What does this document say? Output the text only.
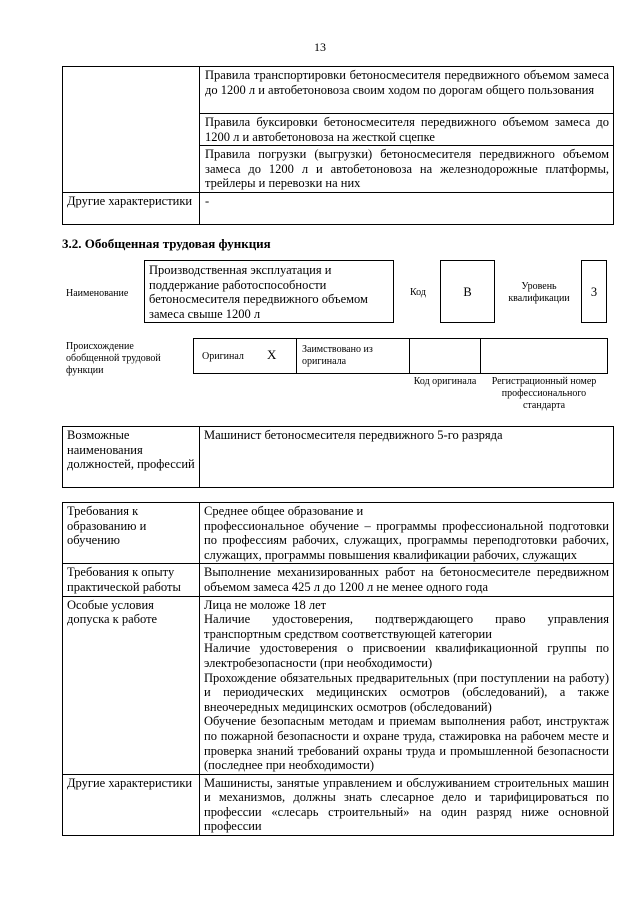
13
	Правила транспортировки бетоносмесителя передвижного объемом замеса до 1200 л и автобетоновоза своим ходом по дорогам общего пользования
	Правила буксировки бетоносмесителя передвижного объемом замеса до 1200 л и автобетоновоза на жесткой сцепке
	Правила погрузки (выгрузки) бетоносмесителя передвижного объемом замеса до 1200 л и автобетоновоза на железнодорожные платформы, трейлеры и перевозки на них
Другие характеристики	-
3.2. Обобщенная трудовая функция
Наименование
Производственная эксплуатация и поддержание работоспособности бетоносмесителя передвижного объемом замеса свыше 1200 л
Код	B	Уровень квалификации	3
Происхождение обобщенной трудовой функции
Оригинал X	Заимствовано из оригинала
Код оригинала	Регистрационный номер профессионального стандарта
Возможные наименования должностей, профессий	Машинист бетоносмесителя передвижного 5-го разряда
Требования к образованию и обучению	Среднее общее образование и

профессиональное обучение – программы профессиональной подготовки по профессиям рабочих, служащих, программы переподготовки рабочих, служащих, программы повышения квалификации рабочих, служащих

Требования к опыту практической работы	Выполнение механизированных работ на бетоносмесителе передвижном объемом замеса 425 л до 1200 л не менее одного года

Особые условия допуска к работе	Лица не моложе 18 лет

Наличие удостоверения, подтверждающего право управления транспортным средством соответствующей категории

Наличие удостоверения о присвоении квалификационной группы по электробезопасности (при необходимости)

Прохождение обязательных предварительных (при поступлении на работу) и периодических медицинских осмотров (обследований), а также внеочередных медицинских осмотров (обследований)

Обучение безопасным методам и приемам выполнения работ, инструктаж по пожарной безопасности и охране труда, стажировка на рабочем месте и проверка знаний требований охраны труда и промышленной безопасности (последнее при необходимости)

Другие характеристики	Машинисты, занятые управлением и обслуживанием строительных машин и механизмов, должны знать слесарное дело и тарифицироваться по профессии «слесарь строительный» на один разряд ниже основной профессии
